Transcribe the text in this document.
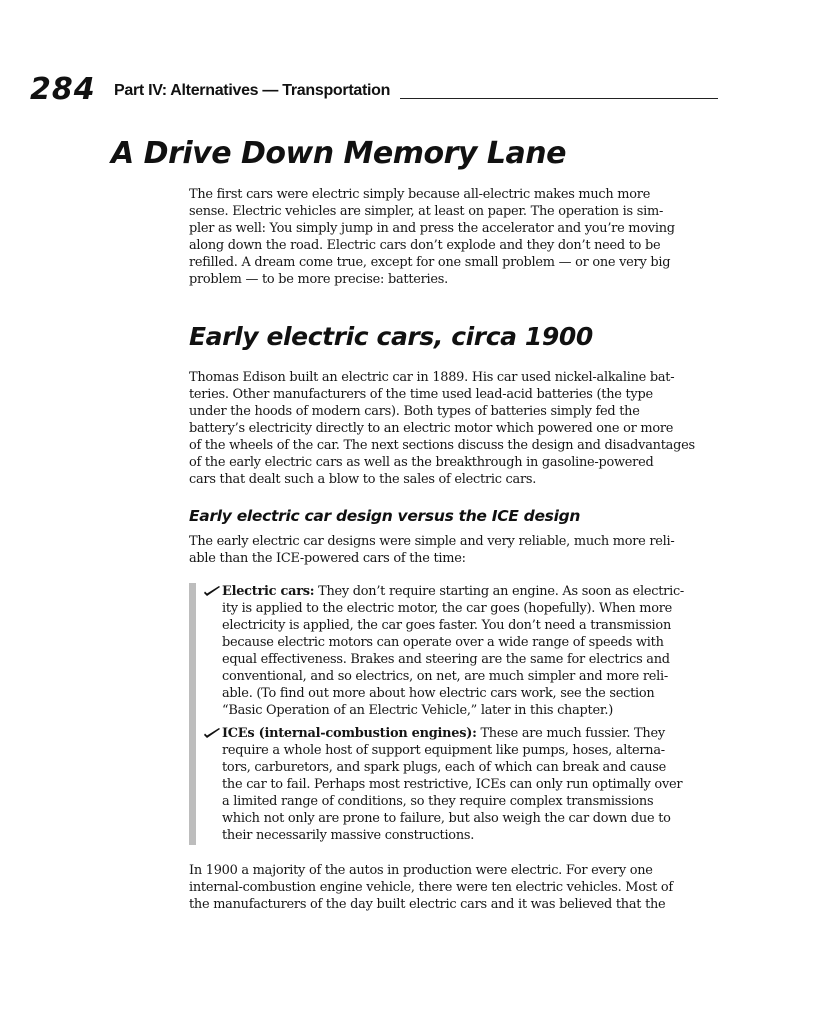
284 Part IV: Alternatives — Transportation
A Drive Down Memory Lane
The first cars were electric simply because all-electric makes much more
sense. Electric vehicles are simpler, at least on paper. The operation is sim-
pler as well: You simply jump in and press the accelerator and you’re moving
along down the road. Electric cars don’t explode and they don’t need to be
refilled. A dream come true, except for one small problem — or one very big
problem — to be more precise: batteries.
Early electric cars, circa 1900
Thomas Edison built an electric car in 1889. His car used nickel-alkaline bat-
teries. Other manufacturers of the time used lead-acid batteries (the type
under the hoods of modern cars). Both types of batteries simply fed the
battery’s electricity directly to an electric motor which powered one or more
of the wheels of the car. The next sections discuss the design and disadvantages
of the early electric cars as well as the breakthrough in gasoline-powered
cars that dealt such a blow to the sales of electric cars.
Early electric car design versus the ICE design
The early electric car designs were simple and very reliable, much more reli-
able than the ICE-powered cars of the time:
Electric cars: They don’t require starting an engine. As soon as electric-
ity is applied to the electric motor, the car goes (hopefully). When more
electricity is applied, the car goes faster. You don’t need a transmission
because electric motors can operate over a wide range of speeds with
equal effectiveness. Brakes and steering are the same for electrics and
conventional, and so electrics, on net, are much simpler and more reli-
able. (To find out more about how electric cars work, see the section
“Basic Operation of an Electric Vehicle,” later in this chapter.)
ICEs (internal-combustion engines): These are much fussier. They
require a whole host of support equipment like pumps, hoses, alterna-
tors, carburetors, and spark plugs, each of which can break and cause
the car to fail. Perhaps most restrictive, ICEs can only run optimally over
a limited range of conditions, so they require complex transmissions
which not only are prone to failure, but also weigh the car down due to
their necessarily massive constructions.
In 1900 a majority of the autos in production were electric. For every one
internal-combustion engine vehicle, there were ten electric vehicles. Most of
the manufacturers of the day built electric cars and it was believed that the
